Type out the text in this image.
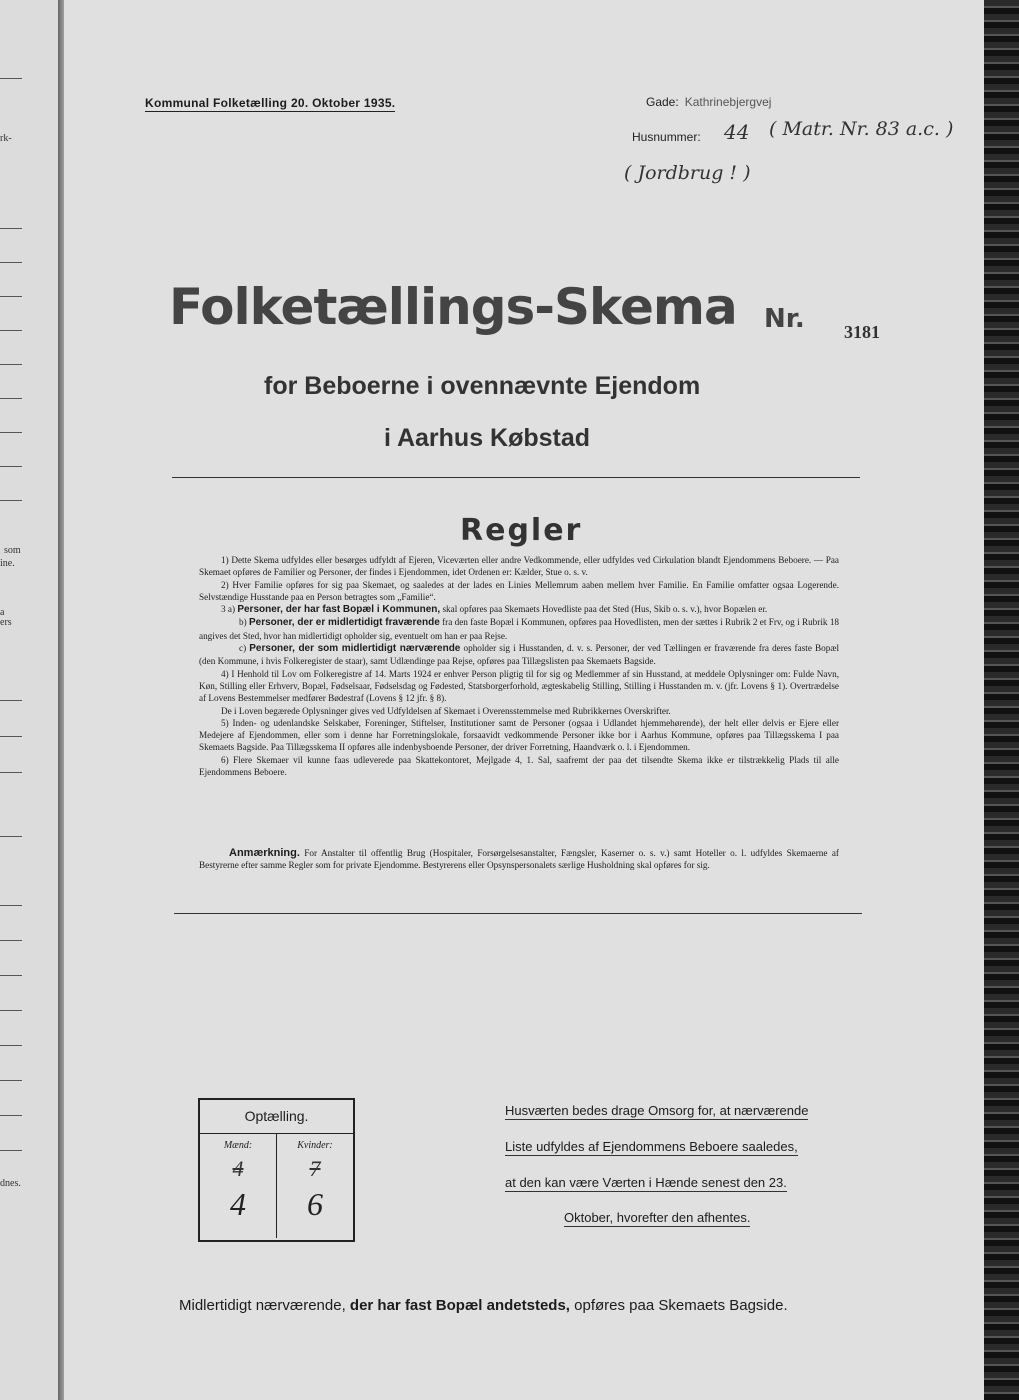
rk-
som
ine.
a
ers
dnes.
Kommunal Folketælling 20. Oktober 1935.	Gade: Kathrinebjergvej
Husnummer: 44 ( Matr. Nr. 83 a.c. )
( Jordbrug ! )
Folketællings-Skema Nr. 3181
for Beboerne i ovennævnte Ejendom
i Aarhus Købstad
Regler

1) Dette Skema udfyldes eller besørges udfyldt af Ejeren, Viceværten eller andre Vedkommende, eller udfyldes ved Cirkulation blandt Ejendommens Beboere. — Paa Skemaet opføres de Familier og Personer, der findes i Ejendommen, idet Ordenen er: Kælder, Stue o. s. v.

2) Hver Familie opføres for sig paa Skemaet, og saaledes at der lades en Linies Mellemrum aaben mellem hver Familie. En Familie omfatter ogsaa Logerende. Selvstændige Husstande paa en Person betragtes som „Familie“.

3 a) Personer, der har fast Bopæl i Kommunen, skal opføres paa Skemaets Hovedliste paa det Sted (Hus, Skib o. s. v.), hvor Bopælen er.

b) Personer, der er midlertidigt fraværende fra den faste Bopæl i Kommunen, opføres paa Hovedlisten, men der sættes i Rubrik 2 et Frv, og i Rubrik 18 angives det Sted, hvor han midlertidigt opholder sig, eventuelt om han er paa Rejse.

c) Personer, der som midlertidigt nærværende opholder sig i Husstanden, d. v. s. Personer, der ved Tællingen er fraværende fra deres faste Bopæl (den Kommune, i hvis Folkeregister de staar), samt Udlændinge paa Rejse, opføres paa Tillægslisten paa Skemaets Bagside.

4) I Henhold til Lov om Folkeregistre af 14. Marts 1924 er enhver Person pligtig til for sig og Medlemmer af sin Husstand, at meddele Oplysninger om: Fulde Navn, Køn, Stilling eller Erhverv, Bopæl, Fødselsaar, Fødselsdag og Fødested, Statsborgerforhold, ægteskabelig Stilling, Stilling i Husstanden m. v. (jfr. Lovens § 1). Overtrædelse af Lovens Bestemmelser medfører Bødestraf (Lovens § 12 jfr. § 8).

De i Loven begærede Oplysninger gives ved Udfyldelsen af Skemaet i Overensstemmelse med Rubrikkernes Overskrifter.

5) Inden- og udenlandske Selskaber, Foreninger, Stiftelser, Institutioner samt de Personer (ogsaa i Udlandet hjemmehørende), der helt eller delvis er Ejere eller Medejere af Ejendommen, eller som i denne har Forretningslokale, forsaavidt vedkommende Personer ikke bor i Aarhus Kommune, opføres paa Tillægsskema I paa Skemaets Bagside. Paa Tillægsskema II opføres alle indenbysboende Personer, der driver Forretning, Haandværk o. l. i Ejendommen.

6) Flere Skemaer vil kunne faas udleverede paa Skattekontoret, Mejlgade 4, 1. Sal, saafremt der paa det tilsendte Skema ikke er tilstrækkelig Plads til alle Ejendommens Beboere.

Anmærkning. For Anstalter til offentlig Brug (Hospitaler, Forsørgelsesanstalter, Fængsler, Kaserner o. s. v.) samt Hoteller o. l. udfyldes Skemaerne af Bestyrerne efter samme Regler som for private Ejendomme. Bestyrerens eller Opsynspersonalets særlige Husholdning skal opføres for sig.
Optælling.
Mænd:
4
4
Kvinder:
7
6
Husværten bedes drage Omsorg for, at nærværende
Liste udfyldes af Ejendommens Beboere saaledes,
at den kan være Værten i Hænde senest den 23.
Oktober, hvorefter den afhentes.
Midlertidigt nærværende, der har fast Bopæl andetsteds, opføres paa Skemaets Bagside.
